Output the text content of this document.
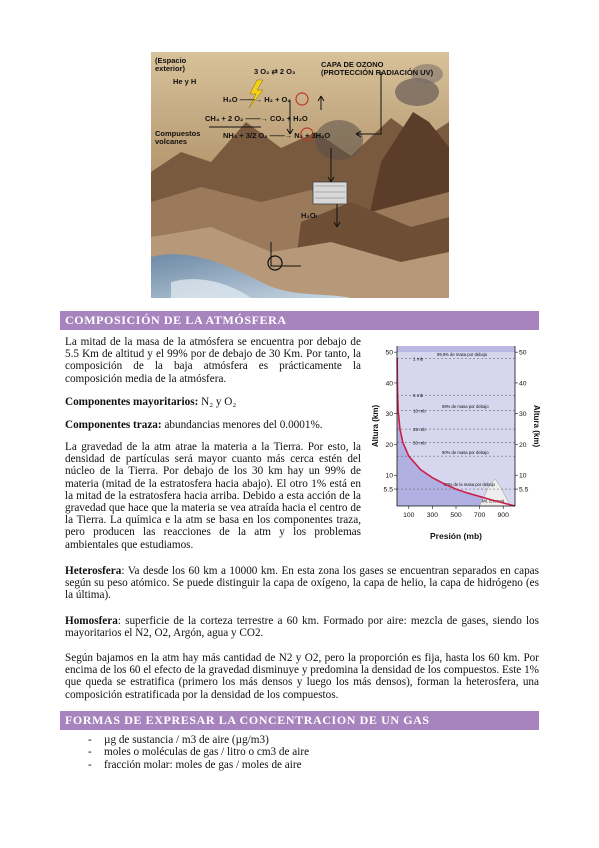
(Espacio
exterior)
He y H
3 O₂ ⇄ 2 O₃
CAPA DE OZONO
(PROTECCIÓN RADIACIÓN UV)
H₂O ——→ H₂ + O₂
CH₄ + 2 O₂ ——→ CO₂ + H₂O
Compuestos
volcanes
NH₃ + 3/2 O₂ ——→ N₂ + 3H₂O
H₂Oₗ
COMPOSICIÓN DE LA ATMÓSFERA

La mitad de la masa de la atmósfera se encuentra por debajo de 5.5 Km de altitud y el 99% por de debajo de 30 Km. Por tanto, la composición de la baja atmósfera es prácticamente la composición media de la atmósfera.

Componentes mayoritarios: N₂ y O₂

Componentes traza: abundancias menores del 0.0001%.

La gravedad de la atm atrae la materia a la Tierra. Por esto, la densidad de partículas será mayor cuanto más cerca estén del núcleo de la Tierra. Por debajo de los 30 km hay un 99% de materia (mitad de la estratosfera hacia abajo). El otro 1% está en la mitad de la estratosfera hacia arriba. Debido a esta acción de la gravedad que hace que la materia se vea atraída hacia el centro de la Tierra. La química e la atm se basa en los componentes traza, pero producen las reacciones de la atm y los problemas ambientales que estudiamos.

1 mb
5 mb
10 mb
25 mb
50 mb
99.9% de masa por debajo
99% de masa por debajo
90% de masa por debajo
50% de la masa por debajo
Mt. Everest
10
20
30
40
50
5.5	5.5
10
20
30
40
50
100 300 500 700 900
Presión (mb)
Altura (km)	Altura (km)

Heterosfera: Va desde los 60 km a 10000 km. En esta zona los gases se encuentran separados en capas según su peso atómico. Se puede distinguir la capa de oxígeno, la capa de helio, la capa de hidrógeno (es la última).

Homosfera: superficie de la corteza terrestre a 60 km. Formado por aire: mezcla de gases, siendo los mayoritarios el N2, O2, Argón, agua y CO2.

Según bajamos en la atm hay más cantidad de N2 y O2, pero la proporción es fija, hasta los 60 km. Por encima de los 60 el efecto de la gravedad disminuye y predomina la densidad de los compuestos. Este 1% que queda se estratifica (primero los más densos y luego los más densos), forman la heterosfera, una composición estratificada por la densidad de los compuestos.

FORMAS DE EXPRESAR LA CONCENTRACION DE UN GAS
- µg de sustancia / m3 de aire (µg/m3)
- moles o moléculas de gas / litro o cm3 de aire
- fracción molar: moles de gas / moles de aire
